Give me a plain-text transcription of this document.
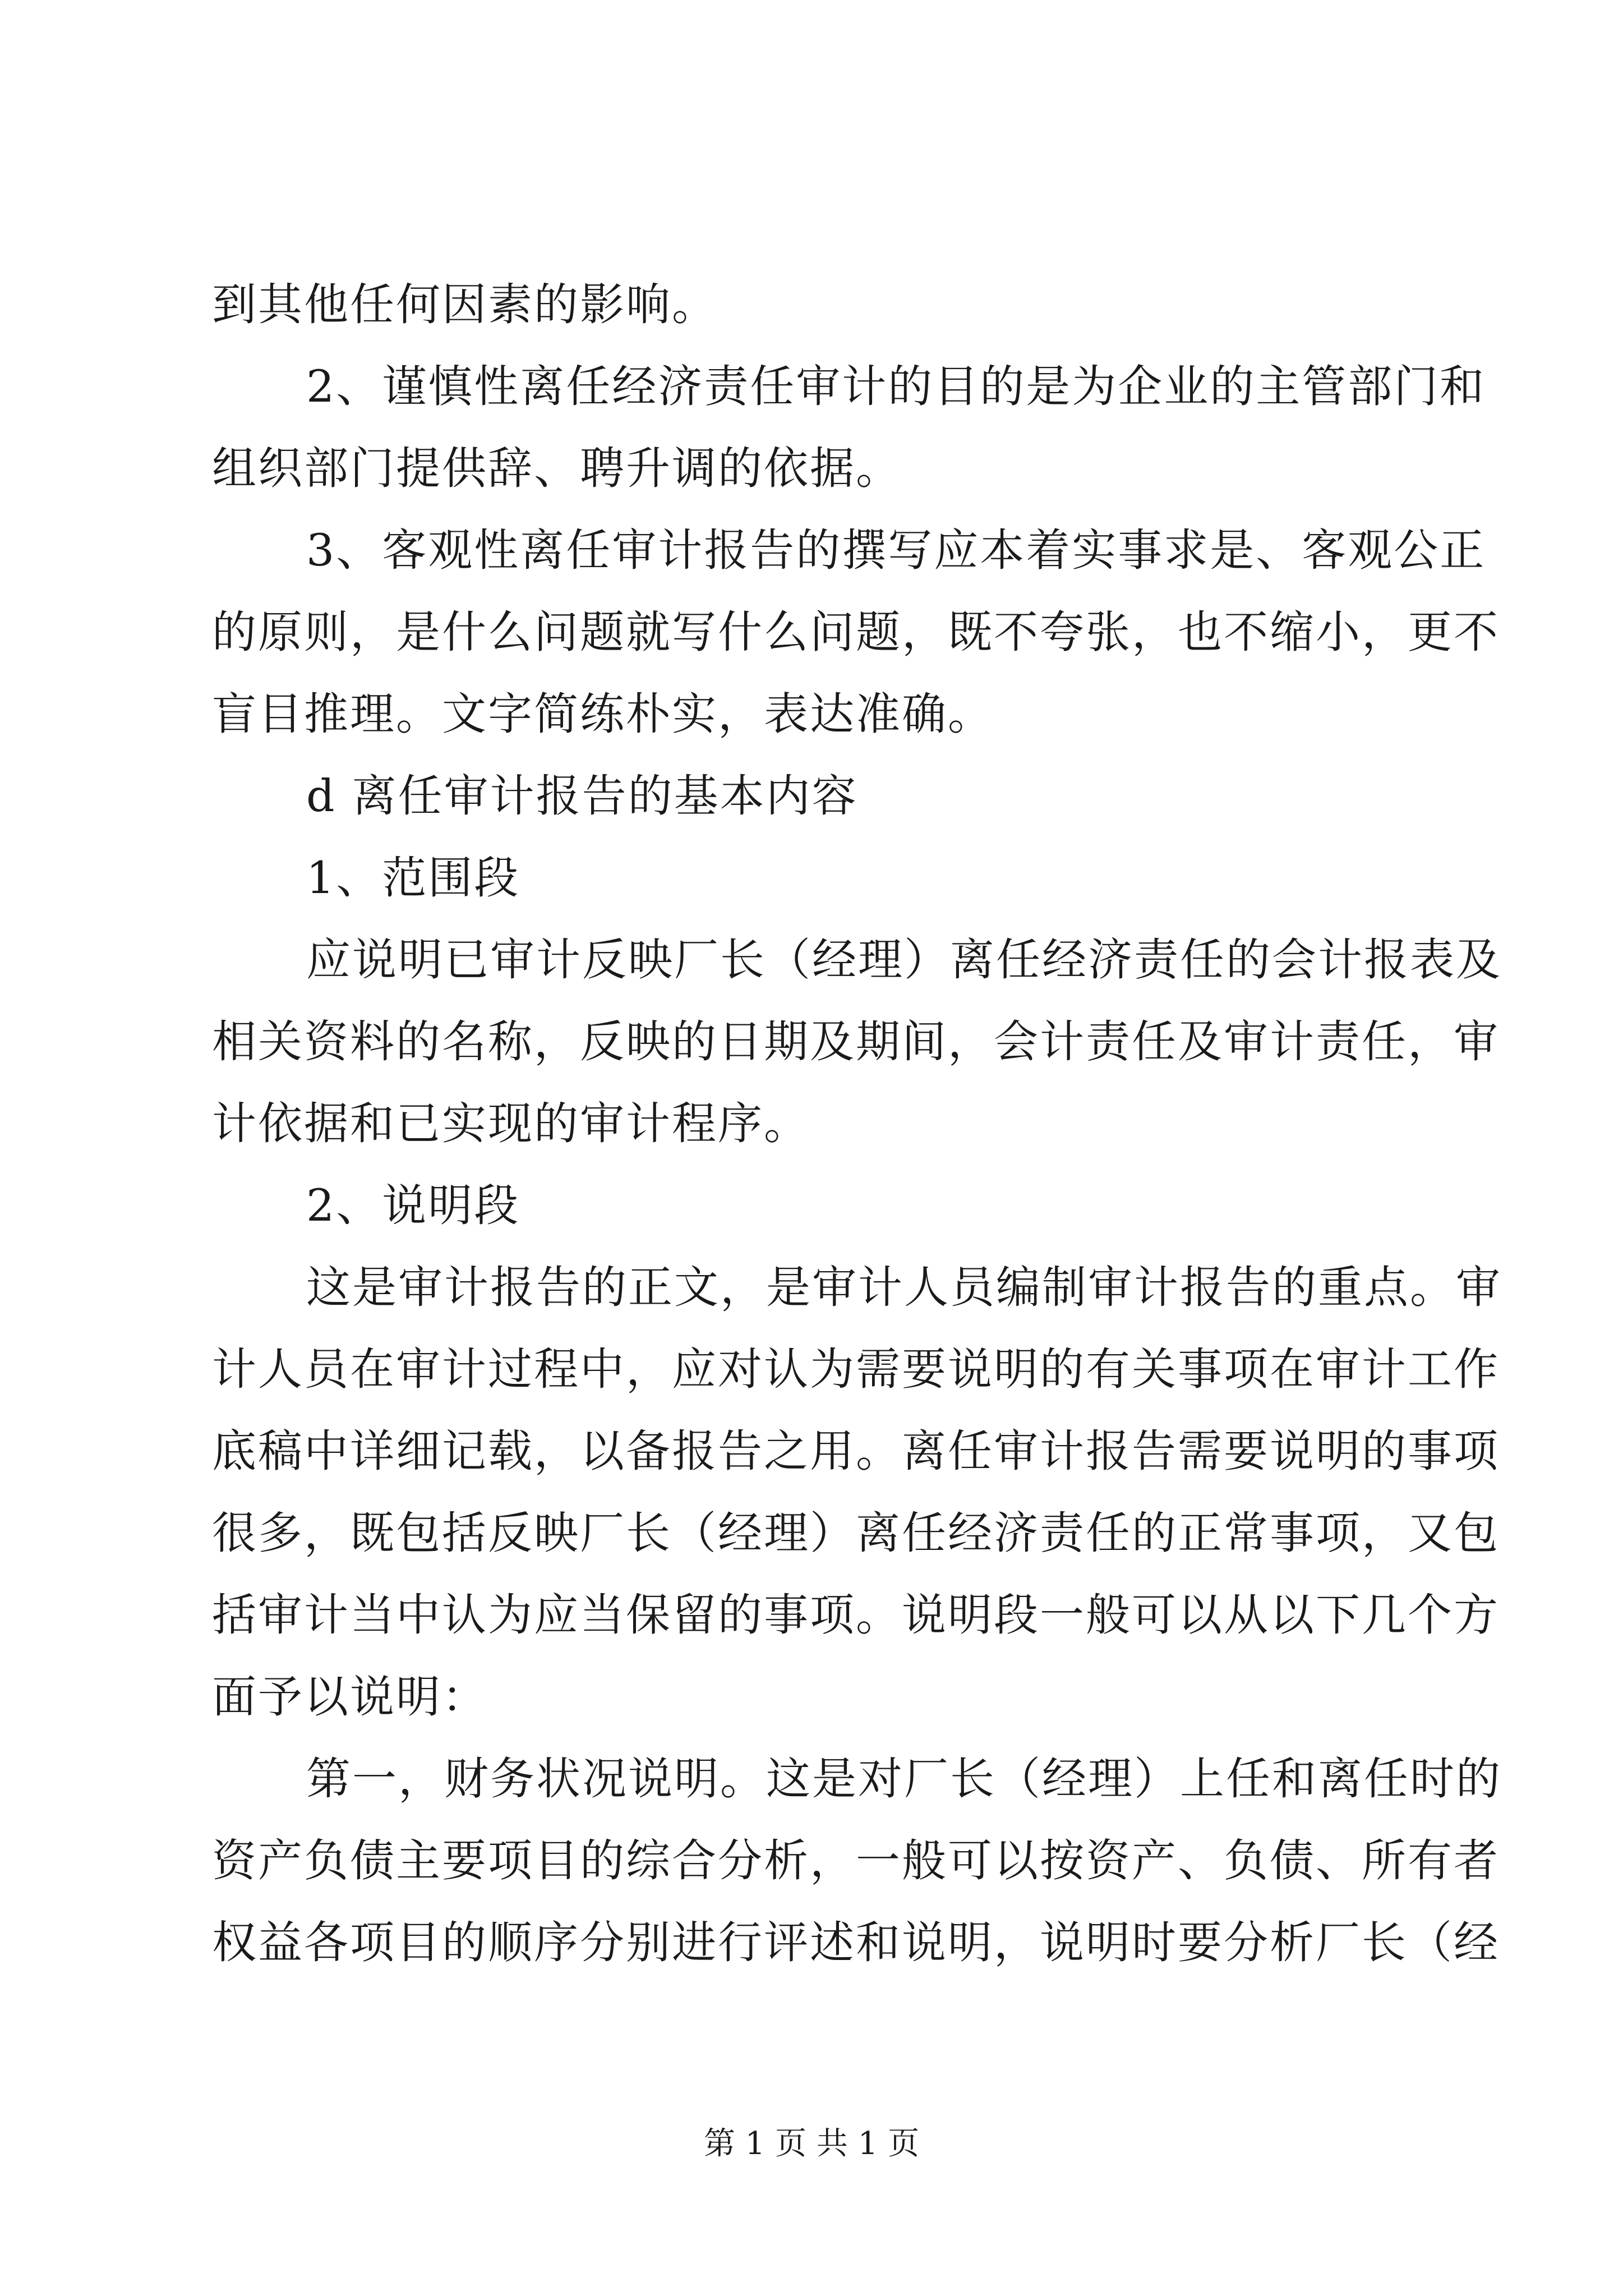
到其他任何因素的影响。
2、谨慎性离任经济责任审计的目的是为企业的主管部门和
组织部门提供辞、聘升调的依据。
3、客观性离任审计报告的撰写应本着实事求是、客观公正
的原则，是什么问题就写什么问题，既不夸张，也不缩小，更不
盲目推理。文字简练朴实，表达准确。
d 离任审计报告的基本内容
1、范围段
应说明已审计反映厂长（经理）离任经济责任的会计报表及
相关资料的名称，反映的日期及期间，会计责任及审计责任，审
计依据和已实现的审计程序。
2、说明段
这是审计报告的正文，是审计人员编制审计报告的重点。审
计人员在审计过程中，应对认为需要说明的有关事项在审计工作
底稿中详细记载，以备报告之用。离任审计报告需要说明的事项
很多，既包括反映厂长（经理）离任经济责任的正常事项，又包
括审计当中认为应当保留的事项。说明段一般可以从以下几个方
面予以说明：
第一，财务状况说明。这是对厂长（经理）上任和离任时的
资产负债主要项目的综合分析，一般可以按资产、负债、所有者
权益各项目的顺序分别进行评述和说明，说明时要分析厂长（经
第 1 页 共 1 页
